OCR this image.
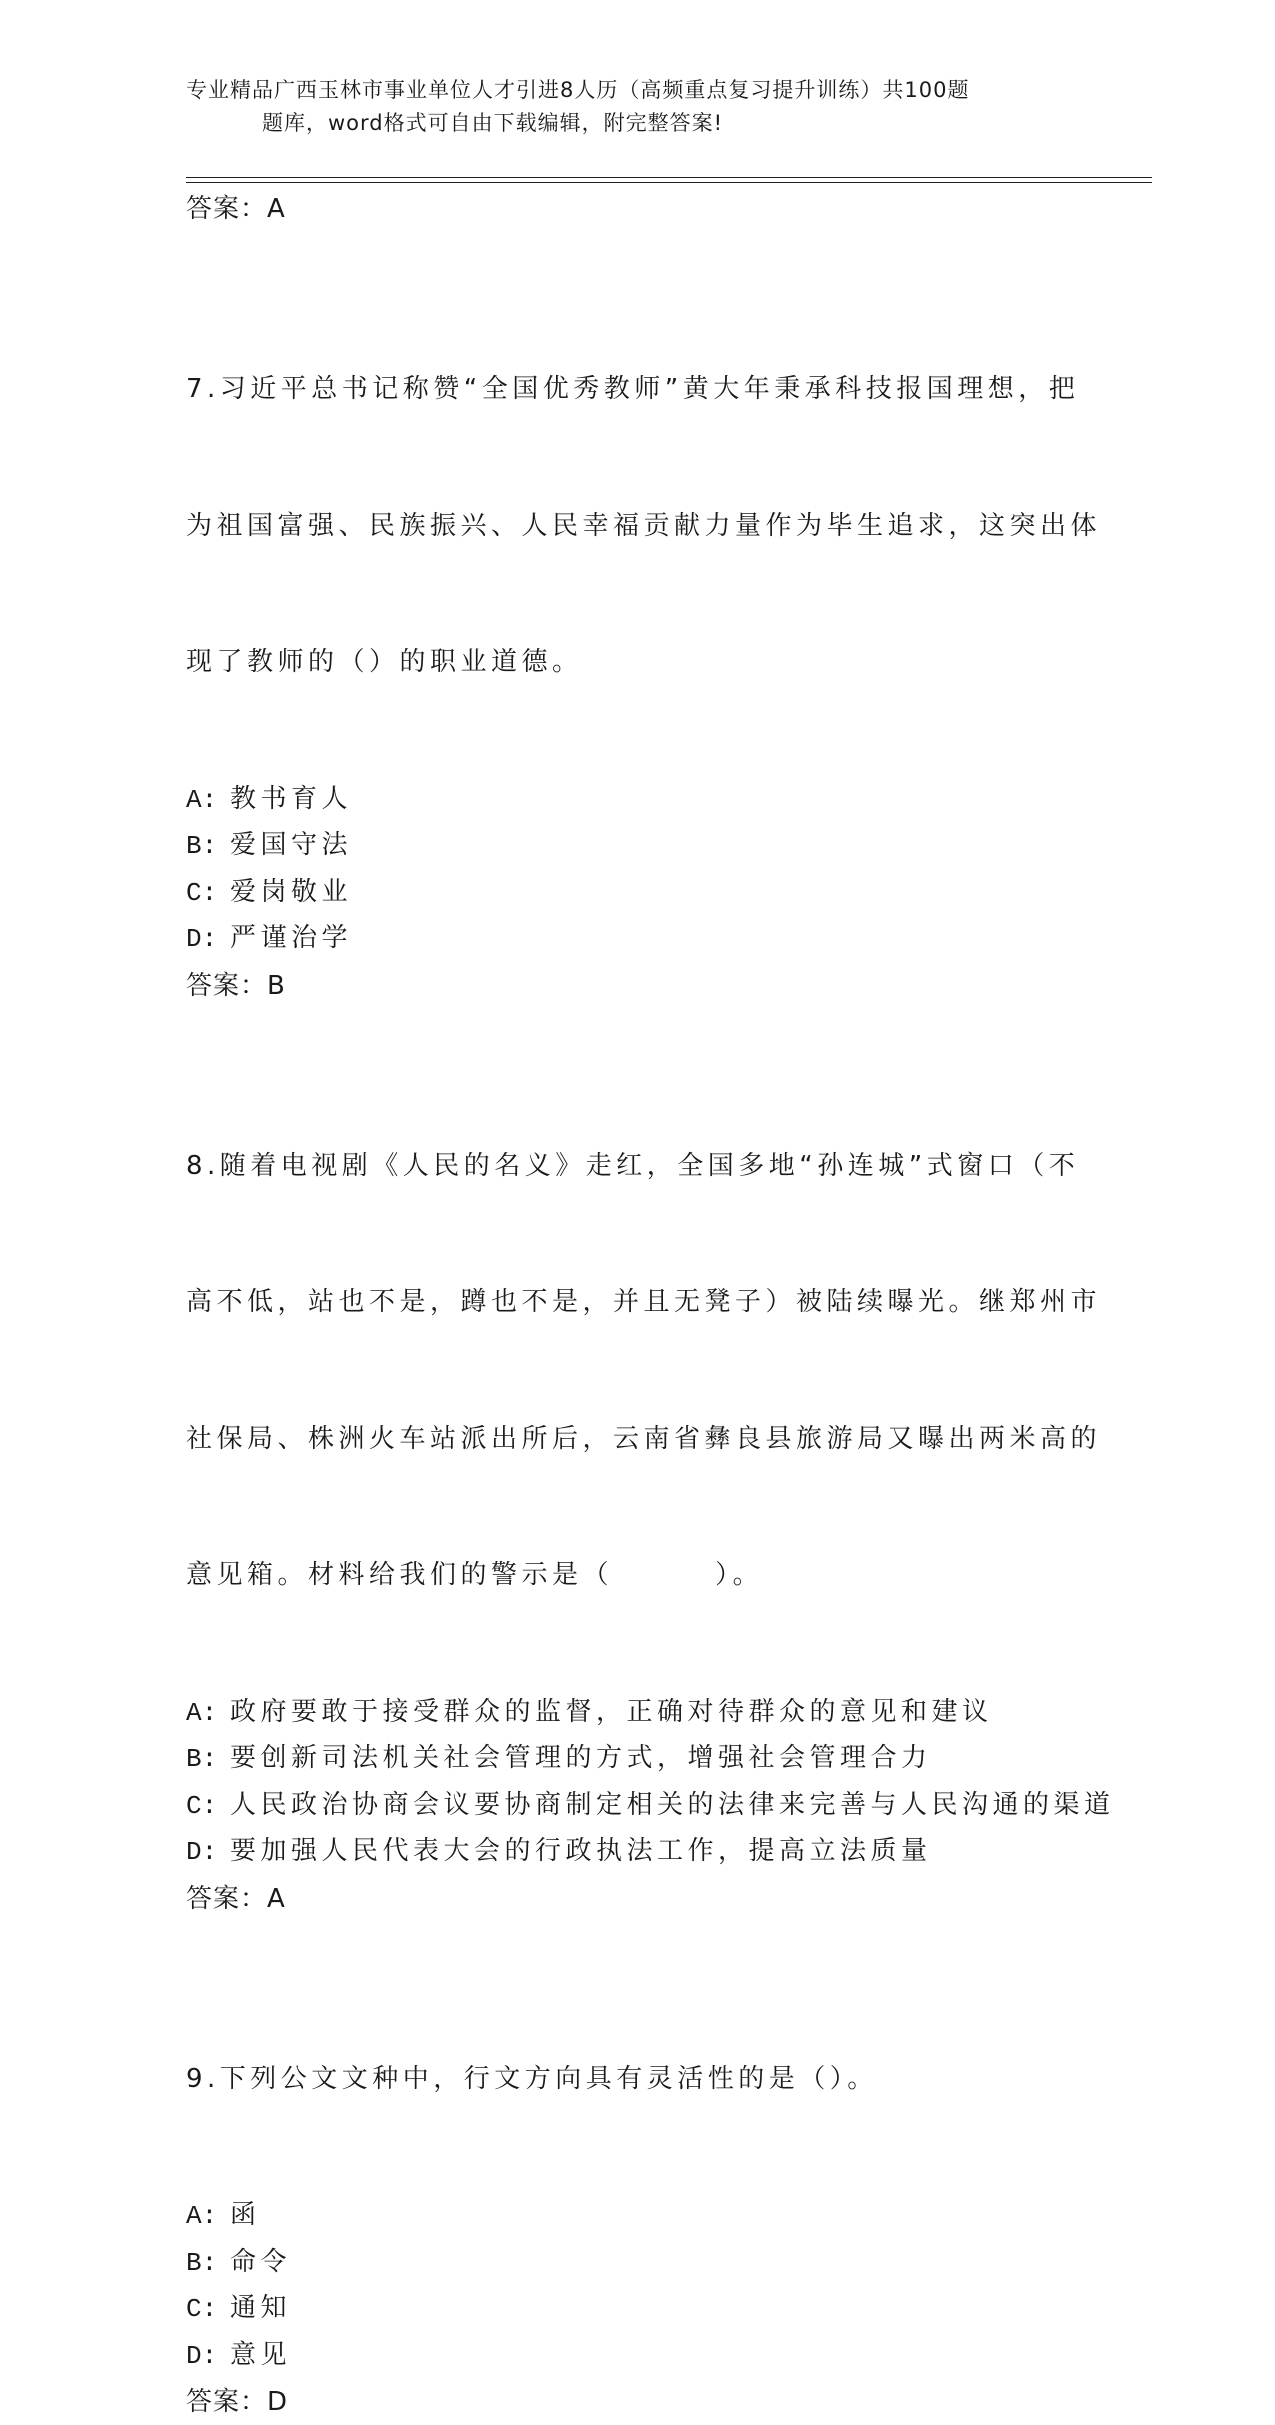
专业精品广西玉林市事业单位人才引进8人历（高频重点复习提升训练）共100题
题库，word格式可自由下载编辑，附完整答案!
答案：A

7.习近平总书记称赞“全国优秀教师”黄大年秉承科技报国理想，把

为祖国富强、民族振兴、人民幸福贡献力量作为毕生追求，这突出体

现了教师的（）的职业道德。

A: 教书育人
B: 爱国守法
C: 爱岗敬业
D: 严谨治学
答案：B

8.随着电视剧《人民的名义》走红，全国多地“孙连城”式窗口（不

高不低，站也不是，蹲也不是，并且无凳子）被陆续曝光。继郑州市

社保局、株洲火车站派出所后，云南省彝良县旅游局又曝出两米高的

意见箱。材料给我们的警示是（        ）。

A: 政府要敢于接受群众的监督，正确对待群众的意见和建议
B: 要创新司法机关社会管理的方式，增强社会管理合力
C: 人民政治协商会议要协商制定相关的法律来完善与人民沟通的渠道
D: 要加强人民代表大会的行政执法工作，提高立法质量
答案：A

9.下列公文文种中，行文方向具有灵活性的是（）。

A: 函
B: 命令
C: 通知
D: 意见
答案：D
